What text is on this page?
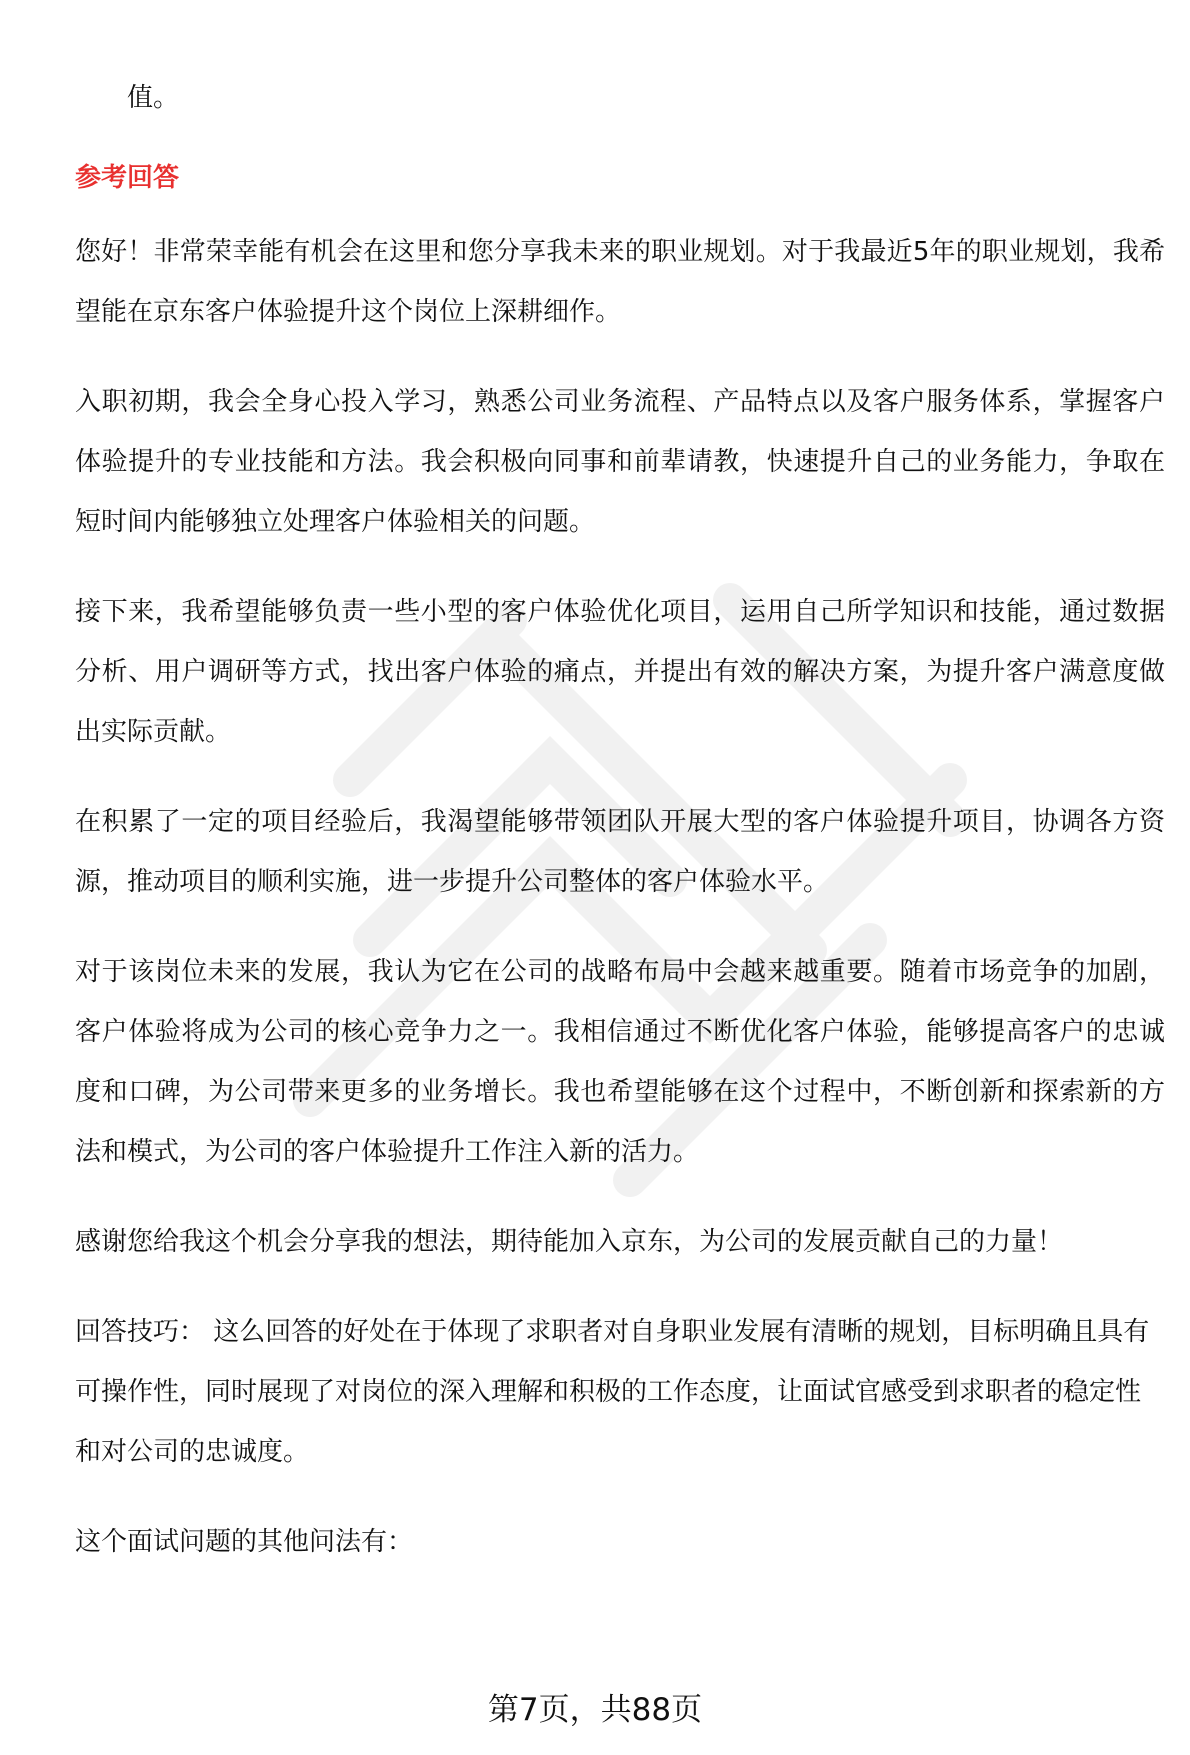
值。

参考回答

您好！非常荣幸能有机会在这里和您分享我未来的职业规划。对于我最近5年的职业规划，我希望能在京东客户体验提升这个岗位上深耕细作。

入职初期，我会全身心投入学习，熟悉公司业务流程、产品特点以及客户服务体系，掌握客户体验提升的专业技能和方法。我会积极向同事和前辈请教，快速提升自己的业务能力，争取在短时间内能够独立处理客户体验相关的问题。

接下来，我希望能够负责一些小型的客户体验优化项目，运用自己所学知识和技能，通过数据分析、用户调研等方式，找出客户体验的痛点，并提出有效的解决方案，为提升客户满意度做出实际贡献。

在积累了一定的项目经验后，我渴望能够带领团队开展大型的客户体验提升项目，协调各方资源，推动项目的顺利实施，进一步提升公司整体的客户体验水平。

对于该岗位未来的发展，我认为它在公司的战略布局中会越来越重要。随着市场竞争的加剧，客户体验将成为公司的核心竞争力之一。我相信通过不断优化客户体验，能够提高客户的忠诚度和口碑，为公司带来更多的业务增长。我也希望能够在这个过程中，不断创新和探索新的方法和模式，为公司的客户体验提升工作注入新的活力。

感谢您给我这个机会分享我的想法，期待能加入京东，为公司的发展贡献自己的力量！

回答技巧： 这么回答的好处在于体现了求职者对自身职业发展有清晰的规划，目标明确且具有可操作性，同时展现了对岗位的深入理解和积极的工作态度，让面试官感受到求职者的稳定性和对公司的忠诚度。

这个面试问题的其他问法有：

第7页，共88页
